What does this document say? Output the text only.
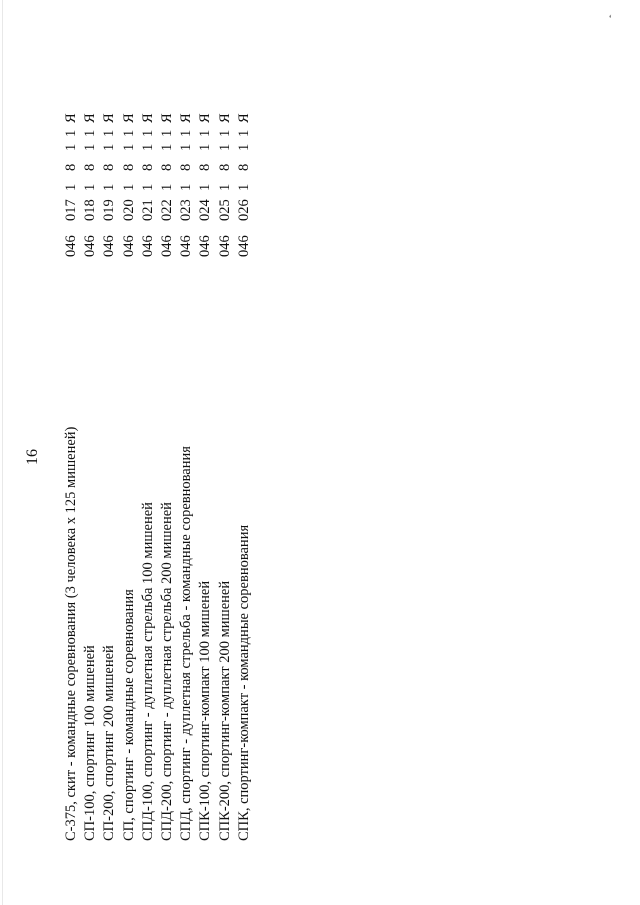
‘
16 С-375, скит - командные соревнования (3 человека х 125 мишеней)
046
017
1
8
1
1
Я
СП-100, спортинг 100 мишеней
046
018
1
8
1
1
Я
СП-200, спортинг 200 мишеней
046
019
1
8
1
1
Я
СП, спортинг - командные соревнования
046
020
1
8
1
1
Я
СПД-100, спортинг - дуплетная стрельба 100 мишеней
046
021
1
8
1
1
Я
СПД-200, спортинг - дуплетная стрельба 200 мишеней
046
022
1
8
1
1
Я
СПД, спортинг - дуплетная стрельба - командные соревнования
046
023
1
8
1
1
Я
СПК-100, спортинг-компакт 100 мишеней
046
024
1
8
1
1
Я
СПК-200, спортинг-компакт 200 мишеней
046
025
1
8
1
1
Я
СПК, спортинг-компакт - командные соревнования
046
026
1
8
1
1
Я
